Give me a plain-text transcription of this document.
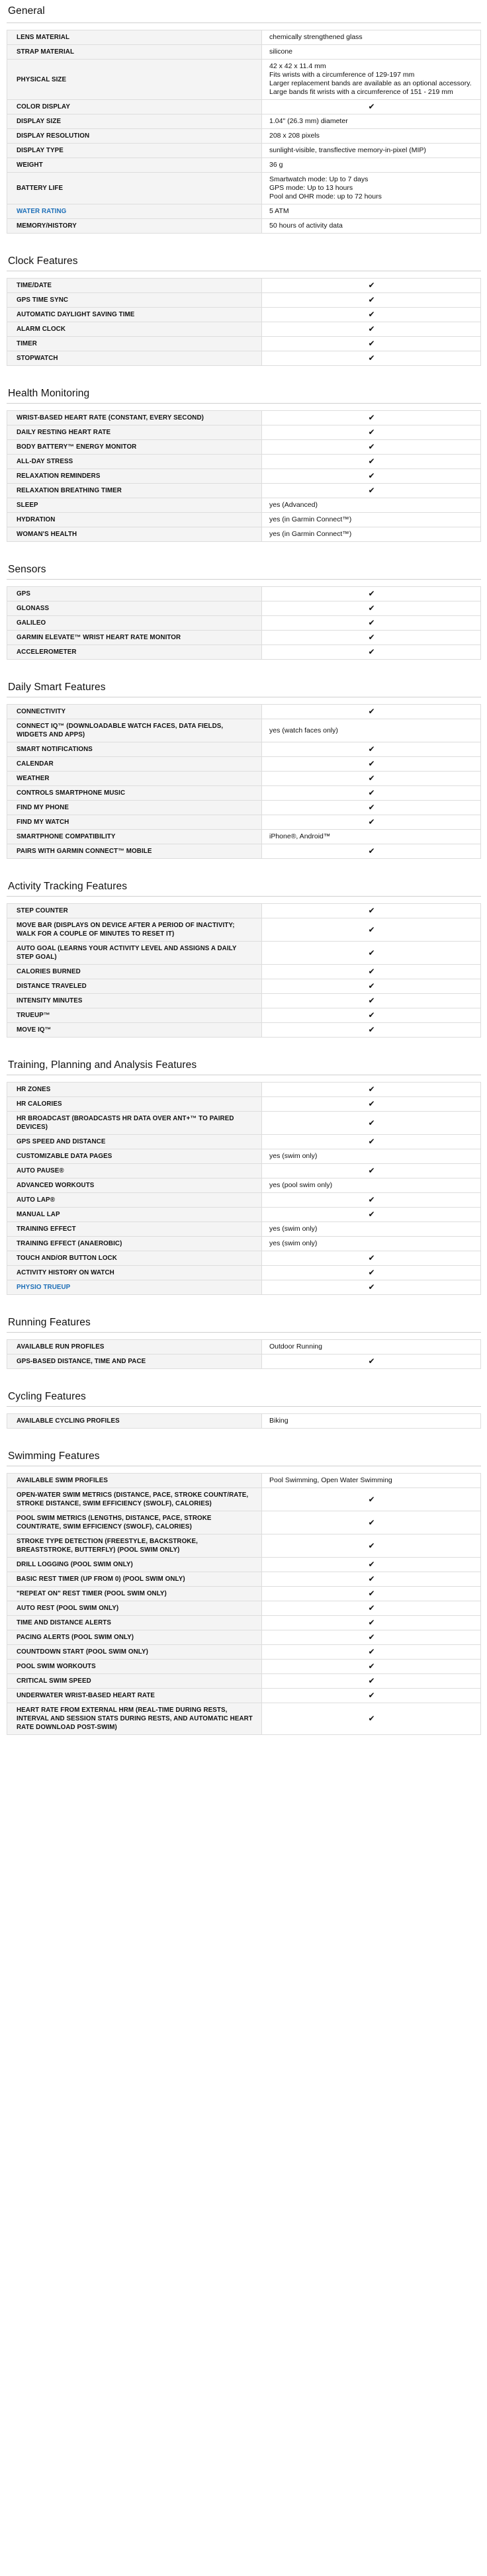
General
LENS MATERIAL	chemically strengthened glass
STRAP MATERIAL	silicone
PHYSICAL SIZE	42 x 42 x 11.4 mm
Fits wrists with a circumference of 129-197 mm
Larger replacement bands are available as an optional accessory. Large bands fit wrists with a circumference of 151 - 219 mm

COLOR DISPLAY	✔
DISPLAY SIZE	1.04" (26.3 mm) diameter
DISPLAY RESOLUTION	208 x 208 pixels
DISPLAY TYPE	sunlight-visible, transflective memory-in-pixel (MIP)
WEIGHT	36 g
BATTERY LIFE	Smartwatch mode: Up to 7 days
GPS mode: Up to 13 hours
Pool and OHR mode: up to 72 hours

WATER RATING	5 ATM
MEMORY/HISTORY	50 hours of activity data
Clock Features
TIME/DATE	✔
GPS TIME SYNC	✔
AUTOMATIC DAYLIGHT SAVING TIME	✔
ALARM CLOCK	✔
TIMER	✔
STOPWATCH	✔
Health Monitoring
WRIST-BASED HEART RATE (CONSTANT, EVERY SECOND)	✔
DAILY RESTING HEART RATE	✔
BODY BATTERY™ ENERGY MONITOR	✔
ALL-DAY STRESS	✔
RELAXATION REMINDERS	✔
RELAXATION BREATHING TIMER	✔
SLEEP	yes (Advanced)
HYDRATION	yes (in Garmin Connect™)
WOMAN'S HEALTH	yes (in Garmin Connect™)
Sensors
GPS	✔
GLONASS	✔
GALILEO	✔
GARMIN ELEVATE™ WRIST HEART RATE MONITOR	✔
ACCELEROMETER	✔
Daily Smart Features
CONNECTIVITY	✔
CONNECT IQ™ (DOWNLOADABLE WATCH FACES, DATA FIELDS, WIDGETS AND APPS)	yes (watch faces only)
SMART NOTIFICATIONS	✔
CALENDAR	✔
WEATHER	✔
CONTROLS SMARTPHONE MUSIC	✔
FIND MY PHONE	✔
FIND MY WATCH	✔
SMARTPHONE COMPATIBILITY	iPhone®, Android™
PAIRS WITH GARMIN CONNECT™ MOBILE	✔
Activity Tracking Features
STEP COUNTER	✔
MOVE BAR (DISPLAYS ON DEVICE AFTER A PERIOD OF INACTIVITY; WALK FOR A COUPLE OF MINUTES TO RESET IT)	✔
AUTO GOAL (LEARNS YOUR ACTIVITY LEVEL AND ASSIGNS A DAILY STEP GOAL)	✔
CALORIES BURNED	✔
DISTANCE TRAVELED	✔
INTENSITY MINUTES	✔
TRUEUP™	✔
MOVE IQ™	✔
Training, Planning and Analysis Features
HR ZONES	✔
HR CALORIES	✔
HR BROADCAST (BROADCASTS HR DATA OVER ANT+™ TO PAIRED DEVICES)	✔
GPS SPEED AND DISTANCE	✔
CUSTOMIZABLE DATA PAGES	yes (swim only)
AUTO PAUSE®	✔
ADVANCED WORKOUTS	yes (pool swim only)
AUTO LAP®	✔
MANUAL LAP	✔
TRAINING EFFECT	yes (swim only)
TRAINING EFFECT (ANAEROBIC)	yes (swim only)
TOUCH AND/OR BUTTON LOCK	✔
ACTIVITY HISTORY ON WATCH	✔
PHYSIO TRUEUP	✔
Running Features
AVAILABLE RUN PROFILES	Outdoor Running
GPS-BASED DISTANCE, TIME AND PACE	✔
Cycling Features
AVAILABLE CYCLING PROFILES	Biking
Swimming Features
AVAILABLE SWIM PROFILES	Pool Swimming, Open Water Swimming
OPEN-WATER SWIM METRICS (DISTANCE, PACE, STROKE COUNT/RATE, STROKE DISTANCE, SWIM EFFICIENCY (SWOLF), CALORIES)	✔
POOL SWIM METRICS (LENGTHS, DISTANCE, PACE, STROKE COUNT/RATE, SWIM EFFICIENCY (SWOLF), CALORIES)	✔
STROKE TYPE DETECTION (FREESTYLE, BACKSTROKE, BREASTSTROKE, BUTTERFLY) (POOL SWIM ONLY)	✔
DRILL LOGGING (POOL SWIM ONLY)	✔
BASIC REST TIMER (UP FROM 0) (POOL SWIM ONLY)	✔
"REPEAT ON" REST TIMER (POOL SWIM ONLY)	✔
AUTO REST (POOL SWIM ONLY)	✔
TIME AND DISTANCE ALERTS	✔
PACING ALERTS (POOL SWIM ONLY)	✔
COUNTDOWN START (POOL SWIM ONLY)	✔
POOL SWIM WORKOUTS	✔
CRITICAL SWIM SPEED	✔
UNDERWATER WRIST-BASED HEART RATE	✔
HEART RATE FROM EXTERNAL HRM (REAL-TIME DURING RESTS, INTERVAL AND SESSION STATS DURING RESTS, AND AUTOMATIC HEART RATE DOWNLOAD POST-SWIM)	✔
